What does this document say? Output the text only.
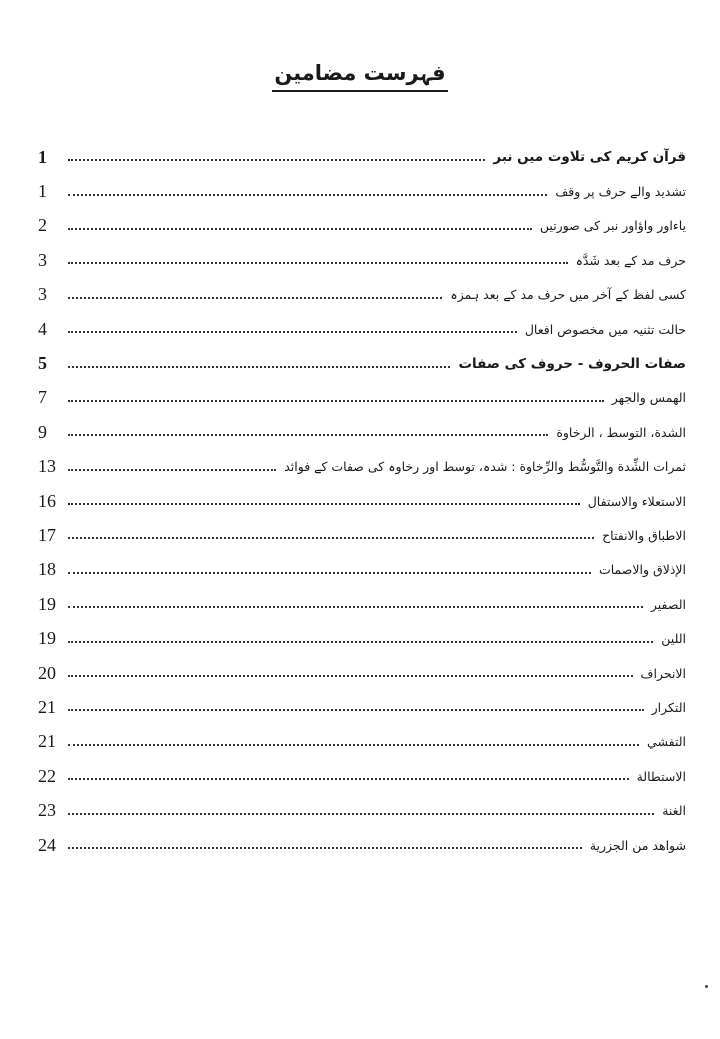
فہرست مضامین
1	قرآن کریم کی تلاوت میں نبر
1	تشدید والے حرف پر وقف
2	یاءاور واؤاور نبر کی صورتیں
3	حرف مد کے بعد شَدَّہ
3	کسی لفظ کے آخر میں حرف مد کے بعد ہمزہ
4	حالت تثنیہ میں مخصوص افعال
5	صفات الحروف - حروف کی صفات
7	الهمس والجهر
9	الشدة، التوسط ، الرخاوة
13	ثمرات الشِّدة والتَّوسُّط والرِّخاوة : شدہ، توسط اور رخاوہ کی صفات کے فوائد
16	الاستعلاء والاستفال
17	الاطباق والانفتاح
18	الإذلاق والاصمات
19	الصفير
19	اللين
20	الانحراف
21	التكرار
21	التفشي
22	الاستطالة
23	الغنة
24	شواهد من الجزرية
